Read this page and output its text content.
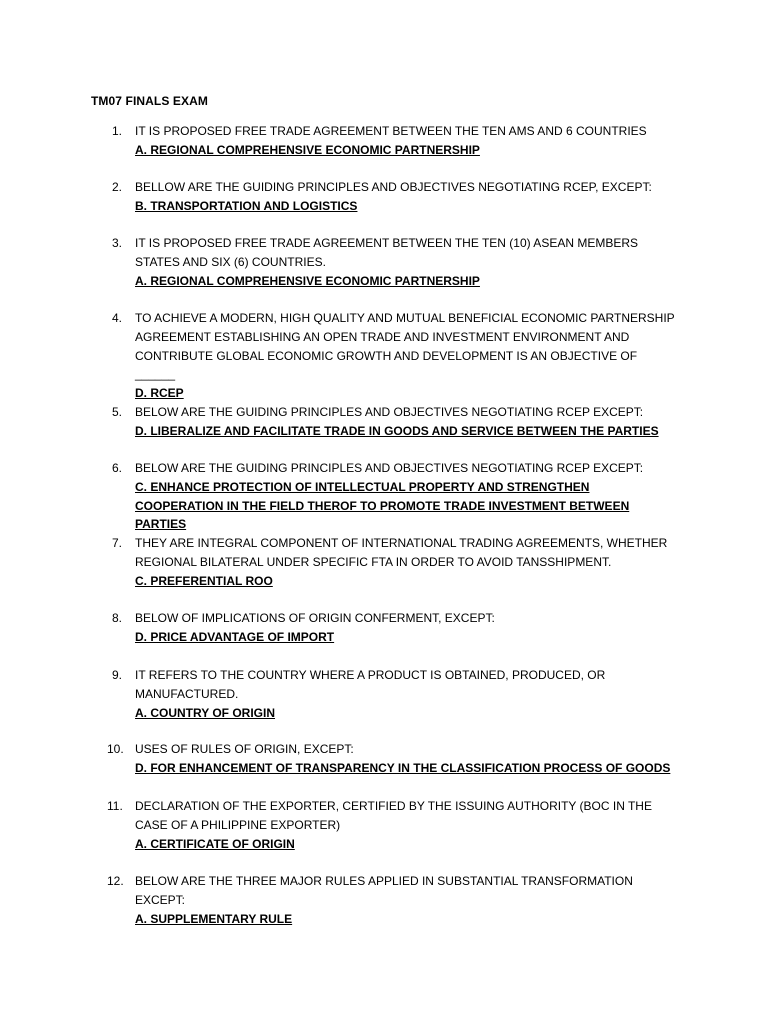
TM07 FINALS EXAM
1.	IT IS PROPOSED FREE TRADE AGREEMENT BETWEEN THE TEN AMS AND 6 COUNTRIES
A. REGIONAL COMPREHENSIVE ECONOMIC PARTNERSHIP
2.	BELLOW ARE THE GUIDING PRINCIPLES AND OBJECTIVES NEGOTIATING RCEP, EXCEPT:
B. TRANSPORTATION AND LOGISTICS
3.	IT IS PROPOSED FREE TRADE AGREEMENT BETWEEN THE TEN (10) ASEAN MEMBERS STATES AND SIX (6) COUNTRIES.
A. REGIONAL COMPREHENSIVE ECONOMIC PARTNERSHIP
4.	TO ACHIEVE A MODERN, HIGH QUALITY AND MUTUAL BENEFICIAL ECONOMIC PARTNERSHIP AGREEMENT ESTABLISHING AN OPEN TRADE AND INVESTMENT ENVIRONMENT AND CONTRIBUTE GLOBAL ECONOMIC GROWTH AND DEVELOPMENT IS AN OBJECTIVE OF ______
D. RCEP
5.	BELOW ARE THE GUIDING PRINCIPLES AND OBJECTIVES NEGOTIATING RCEP EXCEPT:
D. LIBERALIZE AND FACILITATE TRADE IN GOODS AND SERVICE BETWEEN THE PARTIES
6.	BELOW ARE THE GUIDING PRINCIPLES AND OBJECTIVES NEGOTIATING RCEP EXCEPT:
C. ENHANCE PROTECTION OF INTELLECTUAL PROPERTY AND STRENGTHEN COOPERATION IN THE FIELD THEROF TO PROMOTE TRADE INVESTMENT BETWEEN PARTIES
7.	THEY ARE INTEGRAL COMPONENT OF INTERNATIONAL TRADING AGREEMENTS, WHETHER REGIONAL BILATERAL UNDER SPECIFIC FTA IN ORDER TO AVOID TANSSHIPMENT.
C. PREFERENTIAL ROO
8.	BELOW OF IMPLICATIONS OF ORIGIN CONFERMENT, EXCEPT:
D. PRICE ADVANTAGE OF IMPORT
9.	IT REFERS TO THE COUNTRY WHERE A PRODUCT IS OBTAINED, PRODUCED, OR MANUFACTURED.
A. COUNTRY OF ORIGIN
10. USES OF RULES OF ORIGIN, EXCEPT:
D. FOR ENHANCEMENT OF TRANSPARENCY IN THE CLASSIFICATION PROCESS OF GOODS
11.	DECLARATION OF THE EXPORTER, CERTIFIED BY THE ISSUING AUTHORITY (BOC IN THE CASE OF A PHILIPPINE EXPORTER)
A. CERTIFICATE OF ORIGIN
12. BELOW ARE THE THREE MAJOR RULES APPLIED IN SUBSTANTIAL TRANSFORMATION EXCEPT:
A. SUPPLEMENTARY RULE
